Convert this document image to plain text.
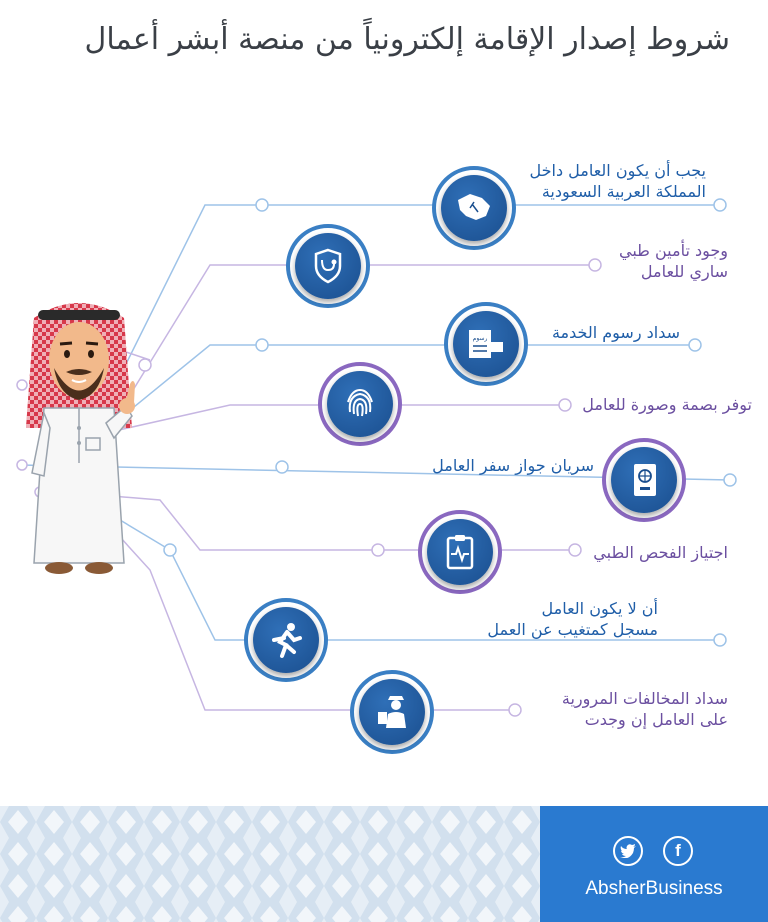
شروط إصدار الإقامة إلكترونياً من منصة أبشر أعمال
يجب أن يكون العامل داخل
المملكة العربية السعودية
وجود تأمين طبي
ساري للعامل
رسوم	سداد رسوم الخدمة
توفر بصمة وصورة للعامل
سريان جواز سفر العامل
اجتياز الفحص الطبي
أن لا يكون العامل
مسجل كمتغيب عن العمل
سداد المخالفات المرورية
على العامل إن وجدت
f
AbsherBusiness
